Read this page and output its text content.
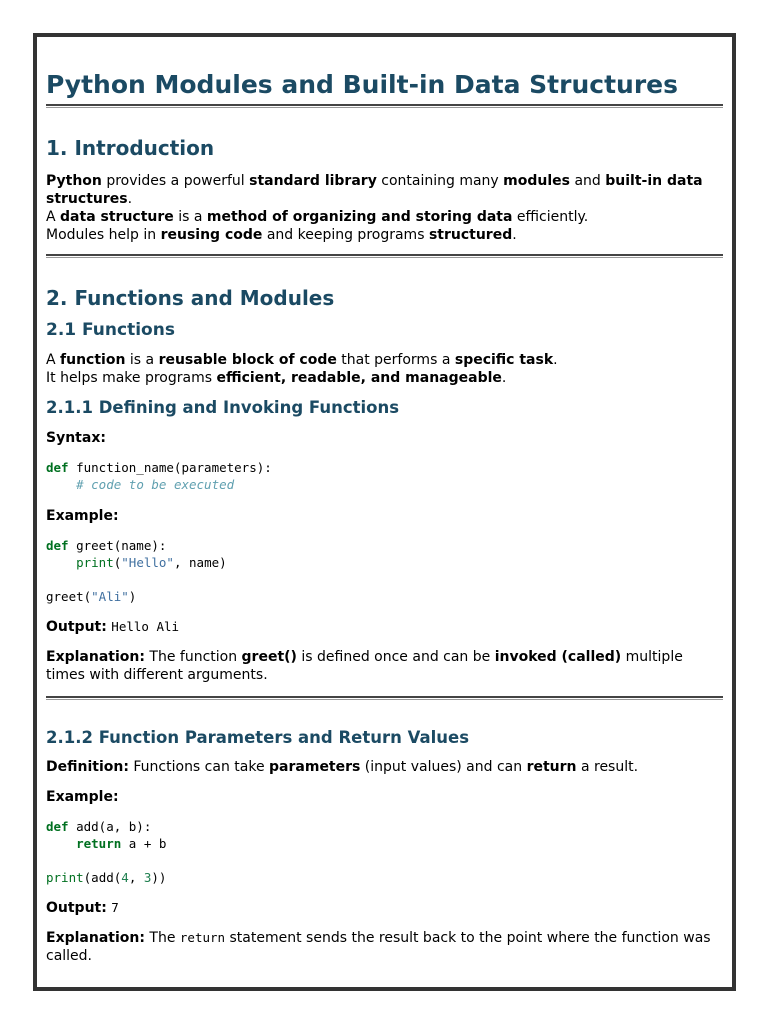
Python Modules and Built-in Data Structures
1. Introduction

Python provides a powerful standard library containing many modules and built-in data structures.

A data structure is a method of organizing and storing data efficiently.

Modules help in reusing code and keeping programs structured.

2. Functions and Modules
2.1 Functions

A function is a reusable block of code that performs a specific task.

It helps make programs efficient, readable, and manageable.

2.1.1 Defining and Invoking Functions

Syntax:

def function_name(parameters):
# code to be executed

Example:

def greet(name):
print("Hello", name)
greet("Ali")

Output: Hello Ali

Explanation: The function greet() is defined once and can be invoked (called) multiple times with different arguments.

2.1.2 Function Parameters and Return Values

Definition: Functions can take parameters (input values) and can return a result.

Example:

def add(a, b):
return a + b
print(add(4, 3))

Output: 7

Explanation: The return statement sends the result back to the point where the function was called.
